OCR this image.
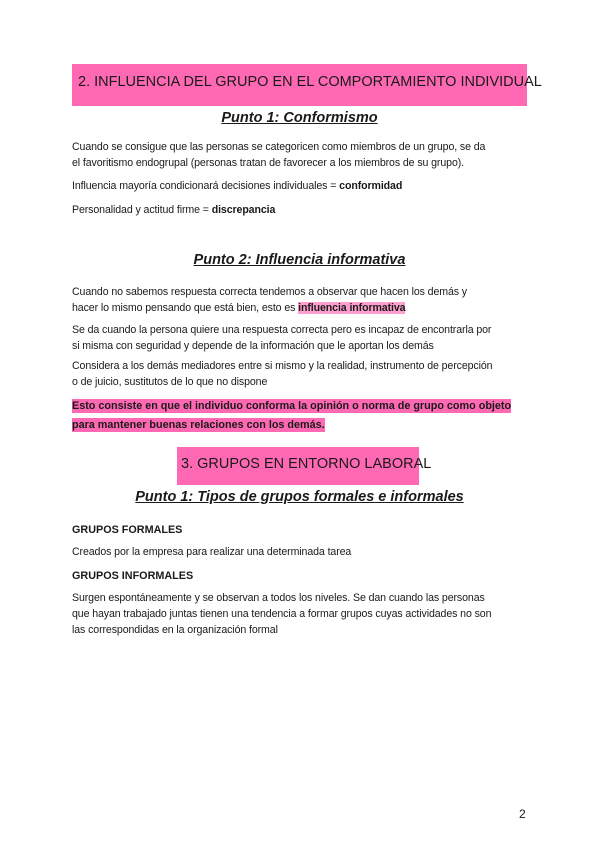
2. INFLUENCIA DEL GRUPO EN EL COMPORTAMIENTO INDIVIDUAL
Punto 1: Conformismo
Cuando se consigue que las personas se categoricen como miembros de un grupo, se da
el favoritismo endogrupal (personas tratan de favorecer a los miembros de su grupo).
Influencia mayoría condicionará decisiones individuales = conformidad
Personalidad y actitud firme = discrepancia
Punto 2: Influencia informativa
Cuando no sabemos respuesta correcta tendemos a observar que hacen los demás y
hacer lo mismo pensando que está bien, esto es influencia informativa
Se da cuando la persona quiere una respuesta correcta pero es incapaz de encontrarla por
si misma con seguridad y depende de la información que le aportan los demás
Considera a los demás mediadores entre si mismo y la realidad, instrumento de percepción
o de juicio, sustitutos de lo que no dispone
Esto consiste en que el individuo conforma la opinión o norma de grupo como objeto
para mantener buenas relaciones con los demás.
3. GRUPOS EN ENTORNO LABORAL
Punto 1: Tipos de grupos formales e informales
GRUPOS FORMALES
Creados por la empresa para realizar una determinada tarea
GRUPOS INFORMALES
Surgen espontáneamente y se observan a todos los niveles. Se dan cuando las personas
que hayan trabajado juntas tienen una tendencia a formar grupos cuyas actividades no son
las correspondidas en la organización formal
2
